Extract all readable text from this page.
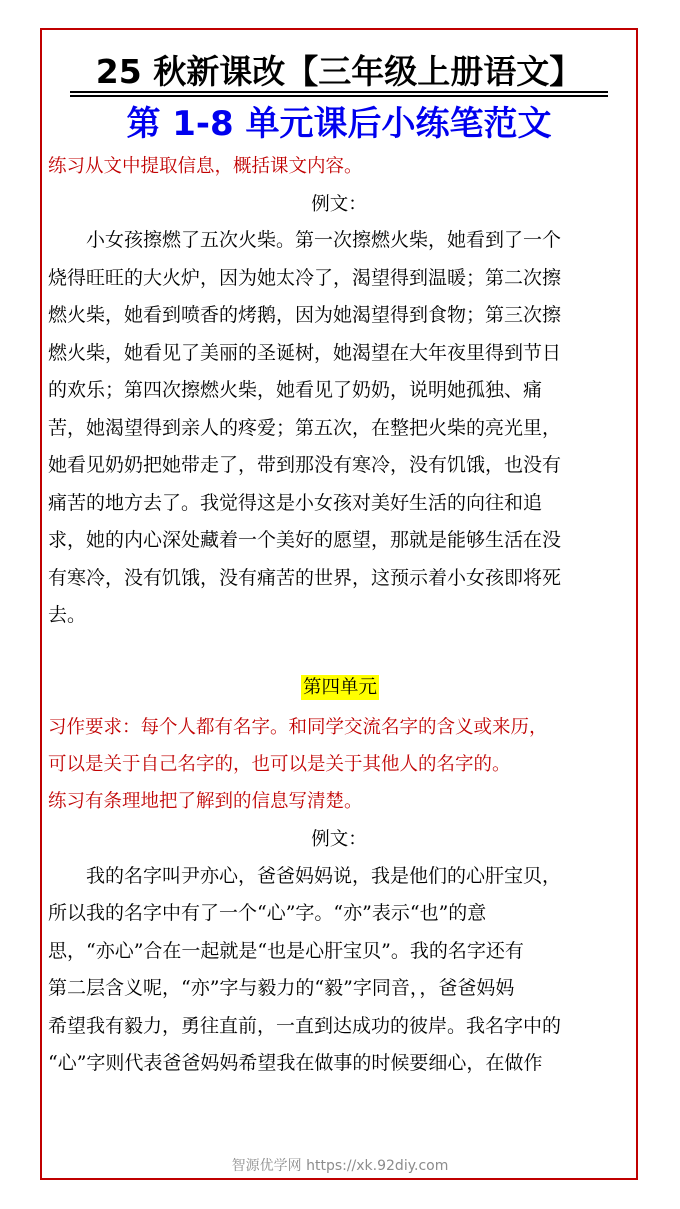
25 秋新课改【三年级上册语文】
第 1-8 单元课后小练笔范文
练习从文中提取信息，概括课文内容。
例文：
　　小女孩擦燃了五次火柴。第一次擦燃火柴，她看到了一个
烧得旺旺的大火炉，因为她太冷了，渴望得到温暖；第二次擦
燃火柴，她看到喷香的烤鹅，因为她渴望得到食物；第三次擦
燃火柴，她看见了美丽的圣诞树，她渴望在大年夜里得到节日
的欢乐；第四次擦燃火柴，她看见了奶奶，说明她孤独、痛
苦，她渴望得到亲人的疼爱；第五次，在整把火柴的亮光里，
她看见奶奶把她带走了，带到那没有寒冷，没有饥饿，也没有
痛苦的地方去了。我觉得这是小女孩对美好生活的向往和追
求，她的内心深处藏着一个美好的愿望，那就是能够生活在没
有寒冷，没有饥饿，没有痛苦的世界，这预示着小女孩即将死
去。
第四单元
习作要求：每个人都有名字。和同学交流名字的含义或来历，
可以是关于自己名字的，也可以是关于其他人的名字的。
练习有条理地把了解到的信息写清楚。
例文：
　　我的名字叫尹亦心，爸爸妈妈说，我是他们的心肝宝贝，
所以我的名字中有了一个“心”字。“亦”表示“也”的意
思，“亦心”合在一起就是“也是心肝宝贝”。我的名字还有
第二层含义呢，“亦”字与毅力的“毅”字同音，，爸爸妈妈
希望我有毅力，勇往直前，一直到达成功的彼岸。我名字中的
“心”字则代表爸爸妈妈希望我在做事的时候要细心，在做作
智源优学网 https://xk.92diy.com
